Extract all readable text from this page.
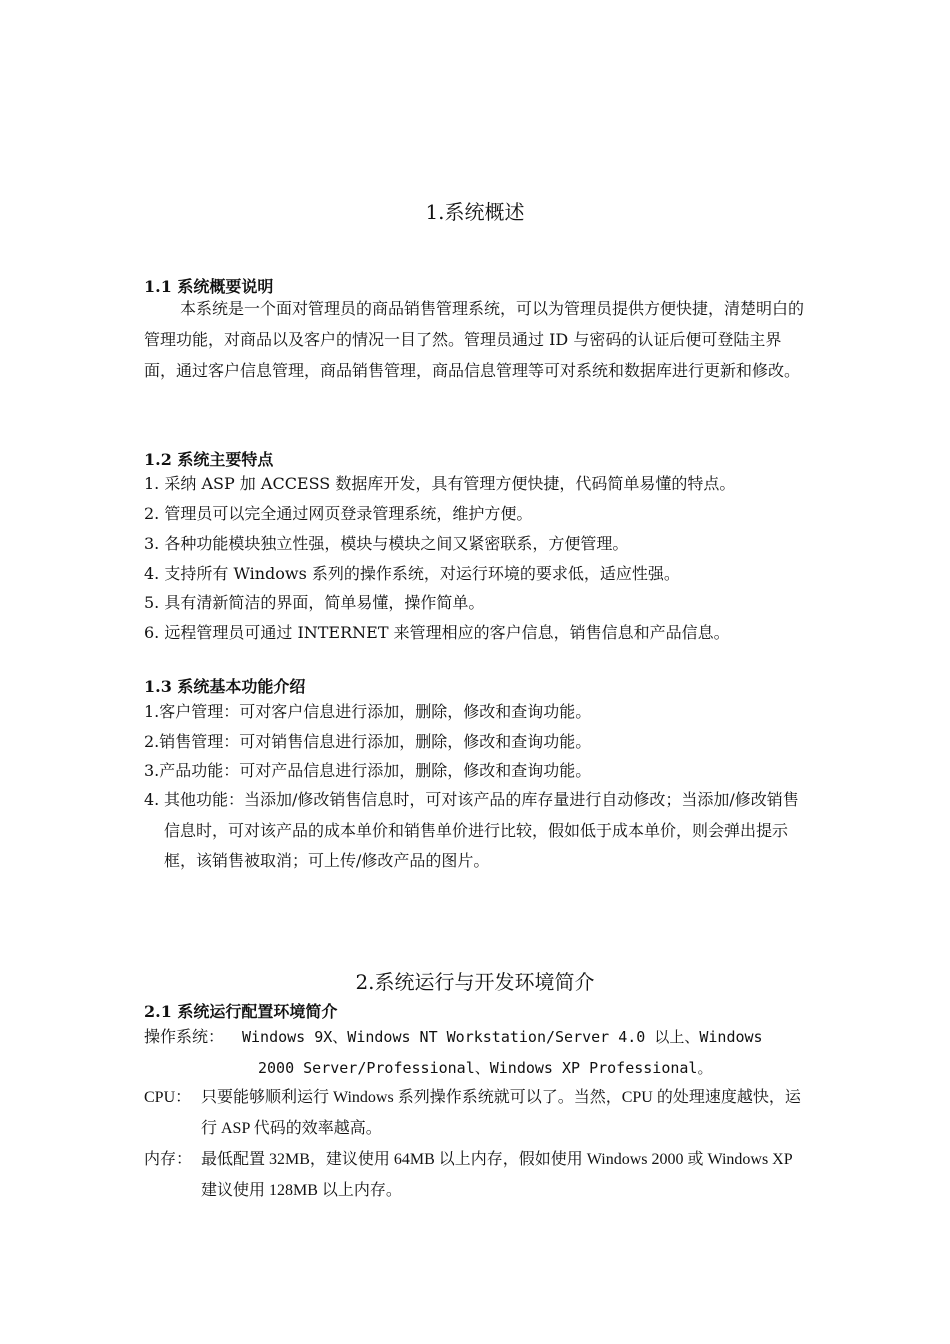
1.系统概述
1.1 系统概要说明
本系统是一个面对管理员的商品销售管理系统，可以为管理员提供方便快捷，清楚明白的管理功能，对商品以及客户的情况一目了然。管理员通过 ID 与密码的认证后便可登陆主界面，通过客户信息管理，商品销售管理，商品信息管理等可对系统和数据库进行更新和修改。
1.2 系统主要特点
1. 采纳 ASP 加 ACCESS 数据库开发，具有管理方便快捷，代码简单易懂的特点。
2. 管理员可以完全通过网页登录管理系统，维护方便。
3. 各种功能模块独立性强，模块与模块之间又紧密联系，方便管理。
4. 支持所有 Windows 系列的操作系统，对运行环境的要求低，适应性强。
5. 具有清新简洁的界面，简单易懂，操作简单。
6. 远程管理员可通过 INTERNET 来管理相应的客户信息，销售信息和产品信息。
1.3 系统基本功能介绍
1.客户管理：可对客户信息进行添加，删除，修改和查询功能。
2.销售管理：可对销售信息进行添加，删除，修改和查询功能。
3.产品功能：可对产品信息进行添加，删除，修改和查询功能。
4. 其他功能：当添加/修改销售信息时，可对该产品的库存量进行自动修改；当添加/修改销售信息时，可对该产品的成本单价和销售单价进行比较，假如低于成本单价，则会弹出提示框，该销售被取消；可上传/修改产品的图片。
2.系统运行与开发环境简介
2.1 系统运行配置环境简介
操作系统： Windows 9X、Windows NT Workstation/Server 4.0 以上、Windows 2000 Server/Professional、Windows XP Professional。
CPU： 只要能够顺利运行 Windows 系列操作系统就可以了。当然，CPU 的处理速度越快，运行 ASP 代码的效率越高。
内存： 最低配置 32MB，建议使用 64MB 以上内存，假如使用 Windows 2000 或 Windows XP 建议使用 128MB 以上内存。
